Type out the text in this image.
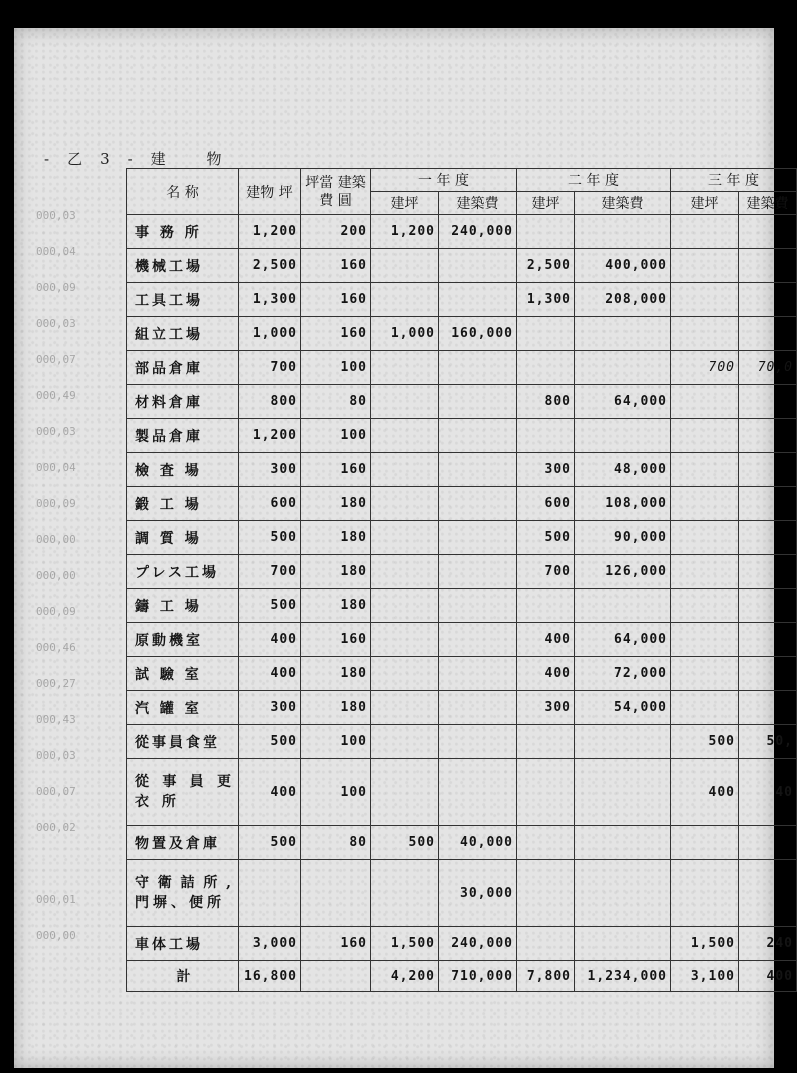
-乙3-建 物
000,03
000,04
000,09
000,03
000,07
000,49
000,03
000,04
000,09
000,00
000,00
000,09
000,46
000,27
000,43
000,03
000,07
000,02
000,01
000,00
名 称	建物 坪	坪當 建築費 圓	一 年 度		二 年 度		三 年 度	
			建坪	建築費	建坪	建築費	建坪	建築費
事 務 所	1,200	200	1,200	240,000				
機械工場	2,500	160			2,500	400,000		
工具工場	1,300	160			1,300	208,000		
組立工場	1,000	160	1,000	160,000				
部品倉庫	700	100					700	70,0
材料倉庫	800	80			800	64,000		
製品倉庫	1,200	100						
檢 査 場	300	160			300	48,000		
鍛 工 場	600	180			600	108,000		
調 質 場	500	180			500	90,000		
プレス工場	700	180			700	126,000		
鑄 工 場	500	180						
原動機室	400	160			400	64,000		
試 驗 室	400	180			400	72,000		
汽 罐 室	300	180			300	54,000		
從事員食堂	500	100					500	50,
從 事 員 更 衣 所	400	100					400	40
物置及倉庫	500	80	500	40,000				
守衛詰所, 門塀、便所				30,000				
車体工場	3,000	160	1,500	240,000			1,500	240
計	16,800		4,200	710,000	7,800	1,234,000	3,100	400
